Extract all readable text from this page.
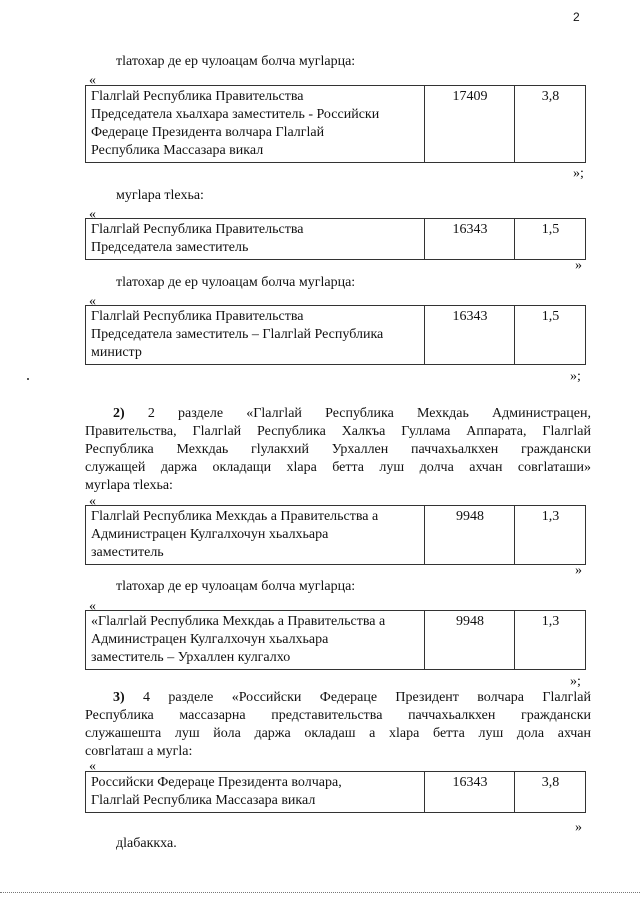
2
тӏатохар де ер чулоацам болча мугӏарца:
«
Гӏалгӏай Республика Правительства
Председатела хьалхара заместитель - Российски
Федераце Президента волчара Гӏалгӏай
Республика Массазара викал
	17409	3,8
»;
мугӏара тӏехьа:
«
Гӏалгӏай Республика Правительства
Председатела заместитель
	16343	1,5
»
тӏатохар де ер чулоацам болча мугӏарца:
«
Гӏалгӏай Республика Правительства
Председатела заместитель – Гӏалгӏай Республика
министр
	16343	1,5
»;
2) 2 разделе «Гӏалгӏай Республика Мехкдаь Администрацен,
Правительства, Гӏалгӏай Республика Халкъа Гуллама Аппарата, Гӏалгӏай
Республика Мехкдаь гӏулакхий Урхаллен паччахьалкхен граждански
служащей даржа окладащи хӏара бетта луш долча ахчан совгӏаташи»
мугӏара тӏехьа:
«
Гӏалгӏай Республика Мехкдаь а Правительства а
Администрацен Кулгалхочун хьалхьара
заместитель
	9948	1,3
»
тӏатохар де ер чулоацам болча мугӏарца:
«
«Гӏалгӏай Республика Мехкдаь а Правительства а
Администрацен Кулгалхочун хьалхьара
заместитель – Урхаллен кулгалхо
	9948	1,3
»;
3) 4 разделе «Российски Федераце Президент волчара Гӏалгӏай
Республика массазарна представительства паччахьалкхен граждански
служашешта луш йола даржа окладаш а хӏара бетта луш дола ахчан
совгӏаташ а мугӏа:
«
Российски Федераце Президента волчара,
Гӏалгӏай Республика Массазара викал
	16343	3,8
»
дӏабаккха.
